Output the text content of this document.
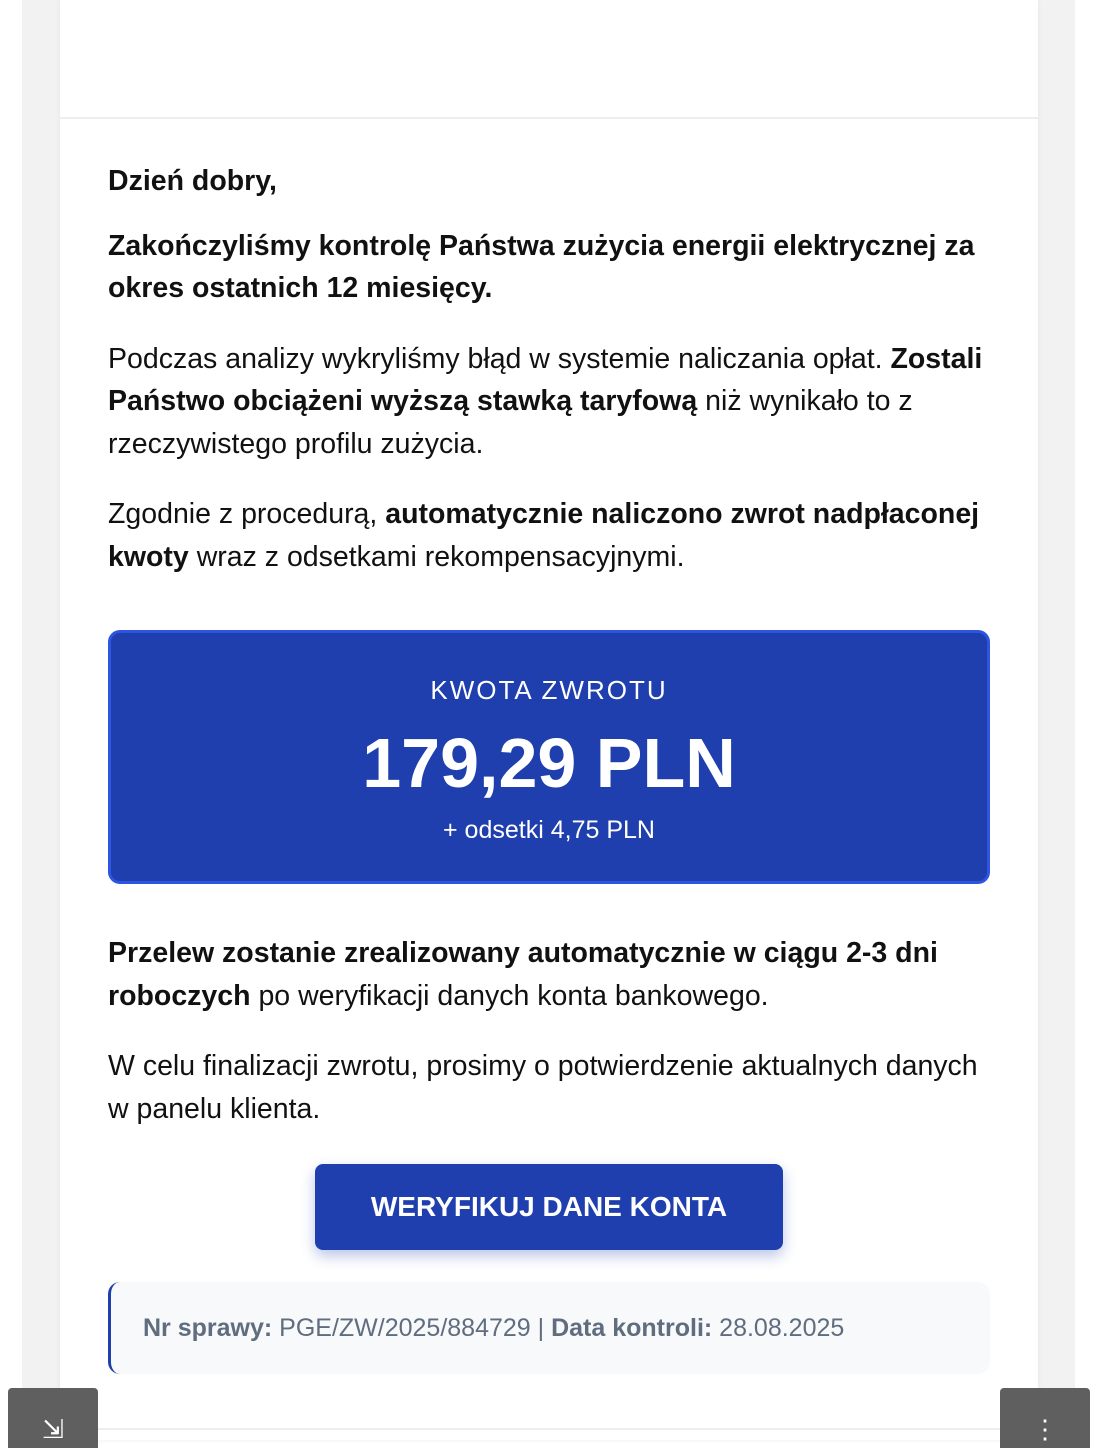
Dzień dobry,

Zakończyliśmy kontrolę Państwa zużycia energii elektrycznej za okres ostatnich 12 miesięcy.

Podczas analizy wykryliśmy błąd w systemie naliczania opłat. Zostali Państwo obciążeni wyższą stawką taryfową niż wynikało to z rzeczywistego profilu zużycia.

Zgodnie z procedurą, automatycznie naliczono zwrot nadpłaconej kwoty wraz z odsetkami rekompensacyjnymi.

KWOTA ZWROTU
179,29 PLN
+ odsetki 4,75 PLN

Przelew zostanie zrealizowany automatycznie w ciągu 2-3 dni roboczych po weryfikacji danych konta bankowego.

W celu finalizacji zwrotu, prosimy o potwierdzenie aktualnych danych w panelu klienta.

WERYFIKUJ DANE KONTA
Nr sprawy: PGE/ZW/2025/884729 | Data kontroli: 28.08.2025
⇲	⋮
